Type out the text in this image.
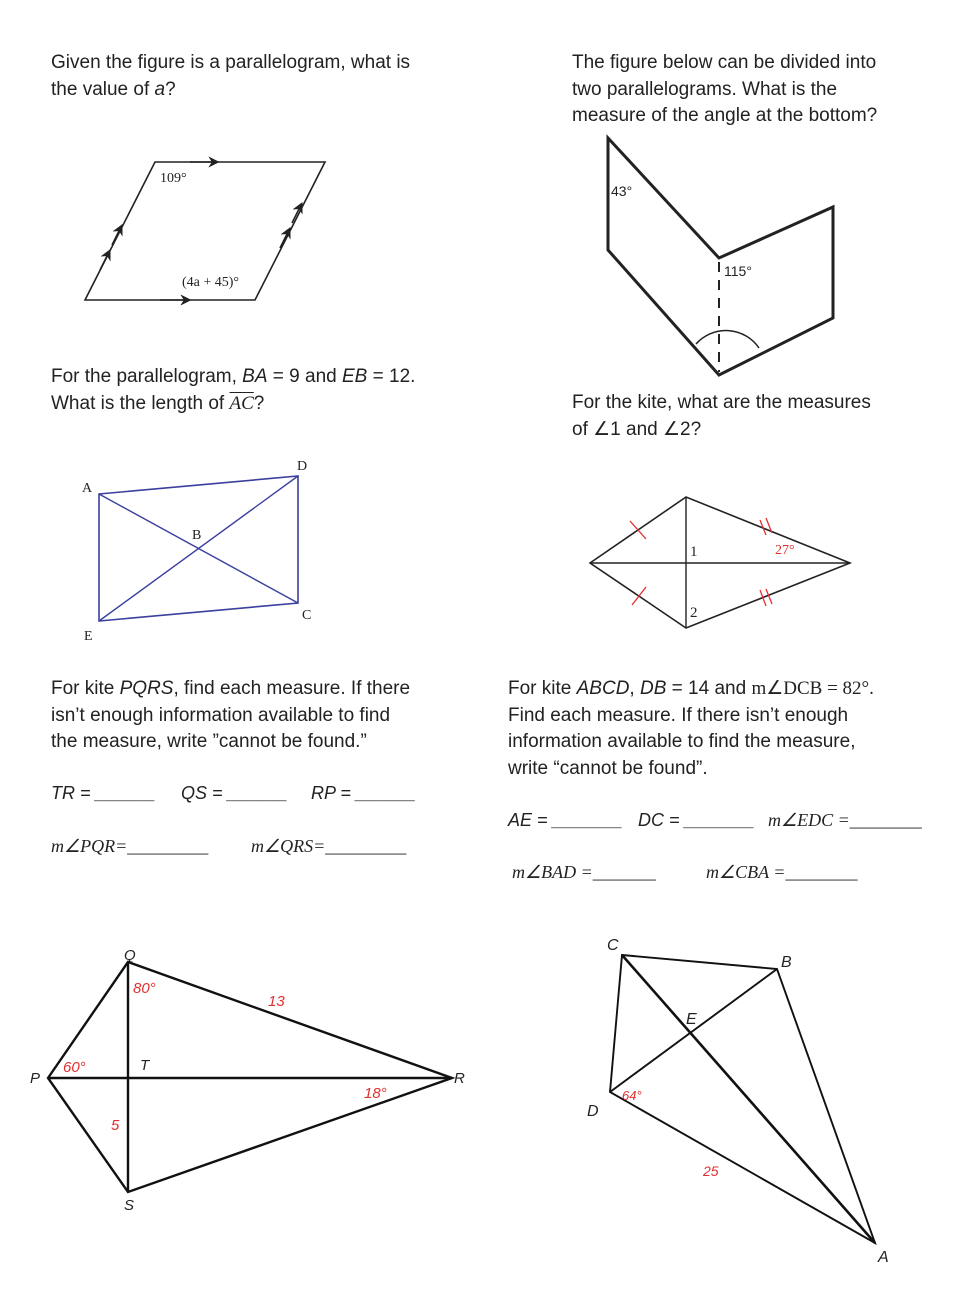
Given the figure is a parallelogram, what is
the value of a?
The figure below can be divided into
two parallelograms. What is the
measure of the angle at the bottom?
For the parallelogram, BA = 9 and EB = 12.
What is the length of $\overline{AC}$?	For the kite, what are the measures
of ∠1 and ∠2?
For kite PQRS, find each measure. If there
isn’t enough information available to find
the measure, write ”cannot be found.”
TR = ______ QS = ______ RP = ______
m∠PQR=_________ m∠QRS=_________
For kite ABCD, DB = 14 and m∠DCB = 82°.
Find each measure. If there isn’t enough
information available to find the measure,
write “cannot be found”.
AE = _______ DC = _______ m∠EDC =________
m∠BAD =_______	m∠CBA =________
109°
(4a + 45)°
43°
115°
A
B
C
D
E
1
2
27°
Q
P	R
S
T
80°
60°
18°
13
5
C
B
E
D
A
64°
25
